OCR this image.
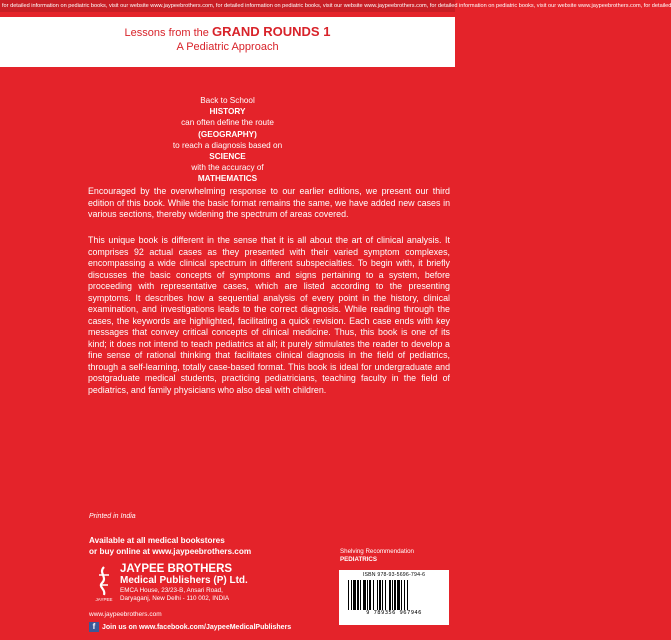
for detailed information on pediatric books, visit our website www.jaypeebrothers.com, for detailed information on pediatric books, visit our website www.jaypeebrothers.com, for detailed information on pediatric books, visit our website www.jaypeebrothers.com, for detailed
Lessons from the GRAND ROUNDS 1
A Pediatric Approach
Back to School
HISTORY
can often define the route
(GEOGRAPHY)
to reach a diagnosis based on
SCIENCE
with the accuracy of
MATHEMATICS
Encouraged by the overwhelming response to our earlier editions, we present our third edition of this book. While the basic format remains the same, we have added new cases in various sections, thereby widening the spectrum of areas covered.
This unique book is different in the sense that it is all about the art of clinical analysis. It comprises 92 actual cases as they presented with their varied symptom complexes, encompassing a wide clinical spectrum in different subspecialties. To begin with, it briefly discusses the basic concepts of symptoms and signs pertaining to a system, before proceeding with representative cases, which are listed according to the presenting symptoms. It describes how a sequential analysis of every point in the history, clinical examination, and investigations leads to the correct diagnosis. While reading through the cases, the keywords are highlighted, facilitating a quick revision. Each case ends with key messages that convey critical concepts of clinical medicine. Thus, this book is one of its kind; it does not intend to teach pediatrics at all; it purely stimulates the reader to develop a fine sense of rational thinking that facilitates clinical diagnosis in the field of pediatrics, through a self-learning, totally case-based format. This book is ideal for undergraduate and postgraduate medical students, practicing pediatricians, teaching faculty in the field of pediatrics, and family physicians who also deal with children.
Printed in India
Available at all medical bookstores
or buy online at www.jaypeebrothers.com
JAYPEE
JAYPEE BROTHERS
Medical Publishers (P) Ltd.
EMCA House, 23/23-B, Ansari Road,
Daryaganj, New Delhi - 110 002, INDIA
www.jaypeebrothers.com
f Join us on www.facebook.com/JaypeeMedicalPublishers
Shelving Recommendation
PEDIATRICS
ISBN 978-93-5696-794-6
9 789356 967946
